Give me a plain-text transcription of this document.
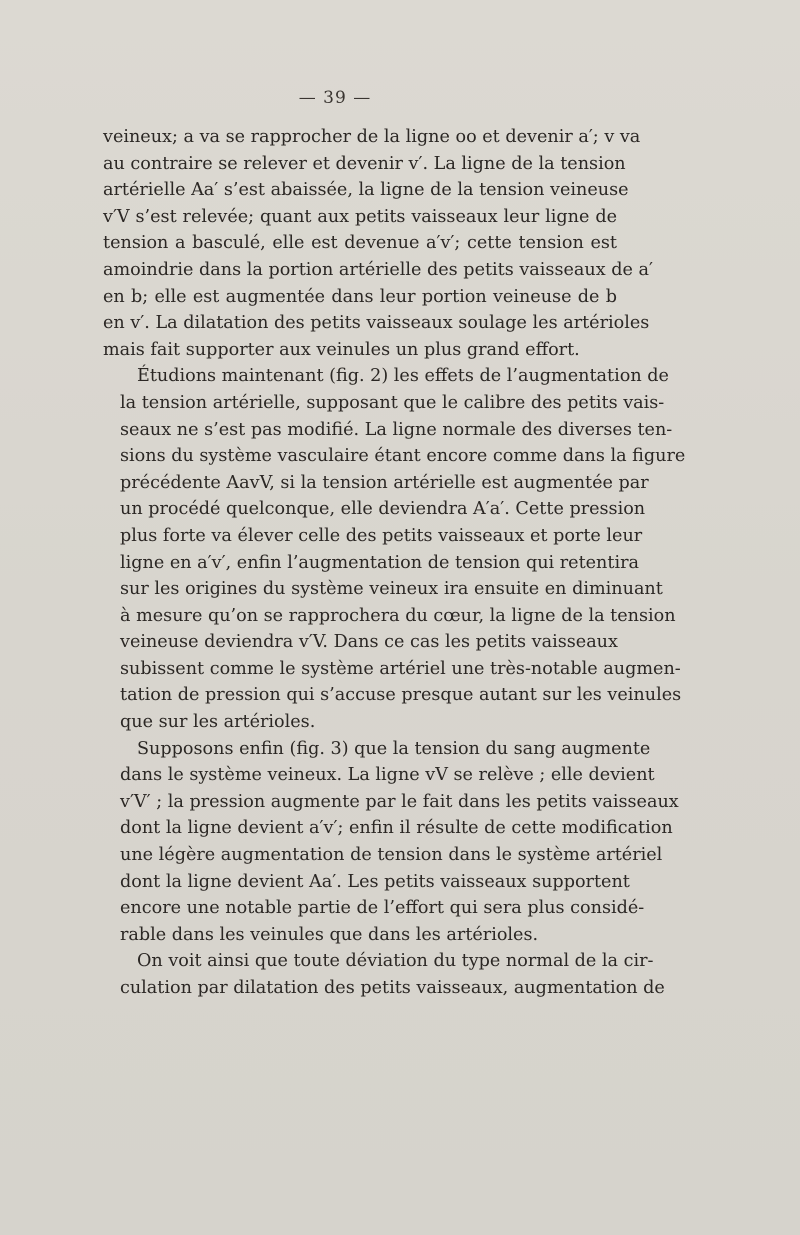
— 39 —
veineux; a va se rapprocher de la ligne oo et devenir a′; v va
au contraire se relever et devenir v′. La ligne de la tension
artérielle Aa′ s’est abaissée, la ligne de la tension veineuse
v′V s’est relevée; quant aux petits vaisseaux leur ligne de
tension a basculé, elle est devenue a′v′; cette tension est
amoindrie dans la portion artérielle des petits vaisseaux de a′
en b; elle est augmentée dans leur portion veineuse de b
en v′. La dilatation des petits vaisseaux soulage les artérioles
mais fait supporter aux veinules un plus grand effort.
Étudions maintenant (fig. 2) les effets de l’augmentation de
la tension artérielle, supposant que le calibre des petits vais-
seaux ne s’est pas modifié. La ligne normale des diverses ten-
sions du système vasculaire étant encore comme dans la figure
précédente AavV, si la tension artérielle est augmentée par
un procédé quelconque, elle deviendra A′a′. Cette pression
plus forte va élever celle des petits vaisseaux et porte leur
ligne en a′v′, enfin l’augmentation de tension qui retentira
sur les origines du système veineux ira ensuite en diminuant
à mesure qu’on se rapprochera du cœur, la ligne de la tension
veineuse deviendra v′V. Dans ce cas les petits vaisseaux
subissent comme le système artériel une très-notable augmen-
tation de pression qui s’accuse presque autant sur les veinules
que sur les artérioles.
Supposons enfin (fig. 3) que la tension du sang augmente
dans le système veineux. La ligne vV se relève ; elle devient
v′V′ ; la pression augmente par le fait dans les petits vaisseaux
dont la ligne devient a′v′; enfin il résulte de cette modification
une légère augmentation de tension dans le système artériel
dont la ligne devient Aa′. Les petits vaisseaux supportent
encore une notable partie de l’effort qui sera plus considé-
rable dans les veinules que dans les artérioles.
On voit ainsi que toute déviation du type normal de la cir-
culation par dilatation des petits vaisseaux, augmentation de
